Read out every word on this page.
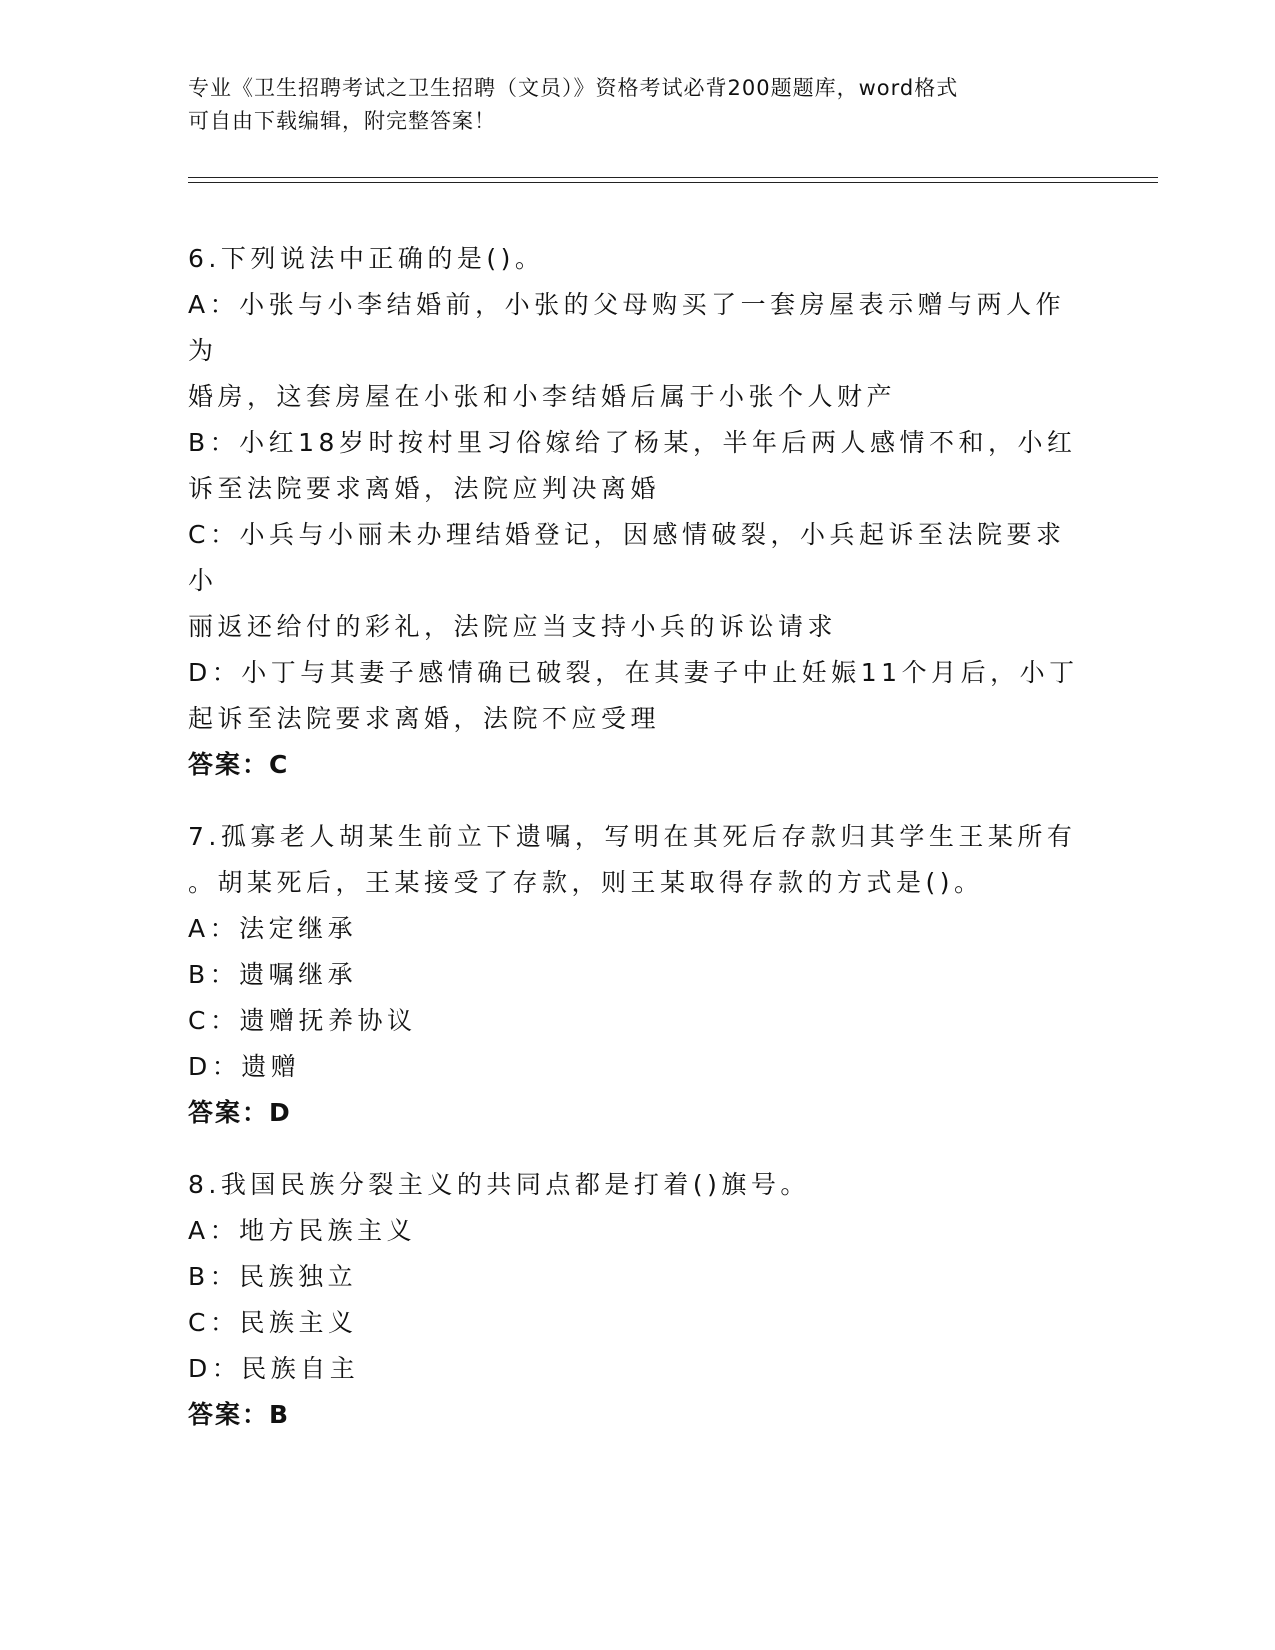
专业《卫生招聘考试之卫生招聘（文员）》资格考试必背200题题库，word格式
可自由下载编辑，附完整答案！
6.下列说法中正确的是()。
A：小张与小李结婚前，小张的父母购买了一套房屋表示赠与两人作为
婚房，这套房屋在小张和小李结婚后属于小张个人财产
B：小红18岁时按村里习俗嫁给了杨某，半年后两人感情不和，小红
诉至法院要求离婚，法院应判决离婚
C：小兵与小丽未办理结婚登记，因感情破裂，小兵起诉至法院要求小
丽返还给付的彩礼，法院应当支持小兵的诉讼请求
D：小丁与其妻子感情确已破裂，在其妻子中止妊娠11个月后，小丁
起诉至法院要求离婚，法院不应受理
答案：C
7.孤寡老人胡某生前立下遗嘱，写明在其死后存款归其学生王某所有
。胡某死后，王某接受了存款，则王某取得存款的方式是()。
A：法定继承
B：遗嘱继承
C：遗赠抚养协议
D：遗赠
答案：D
8.我国民族分裂主义的共同点都是打着()旗号。
A：地方民族主义
B：民族独立
C：民族主义
D：民族自主
答案：B
